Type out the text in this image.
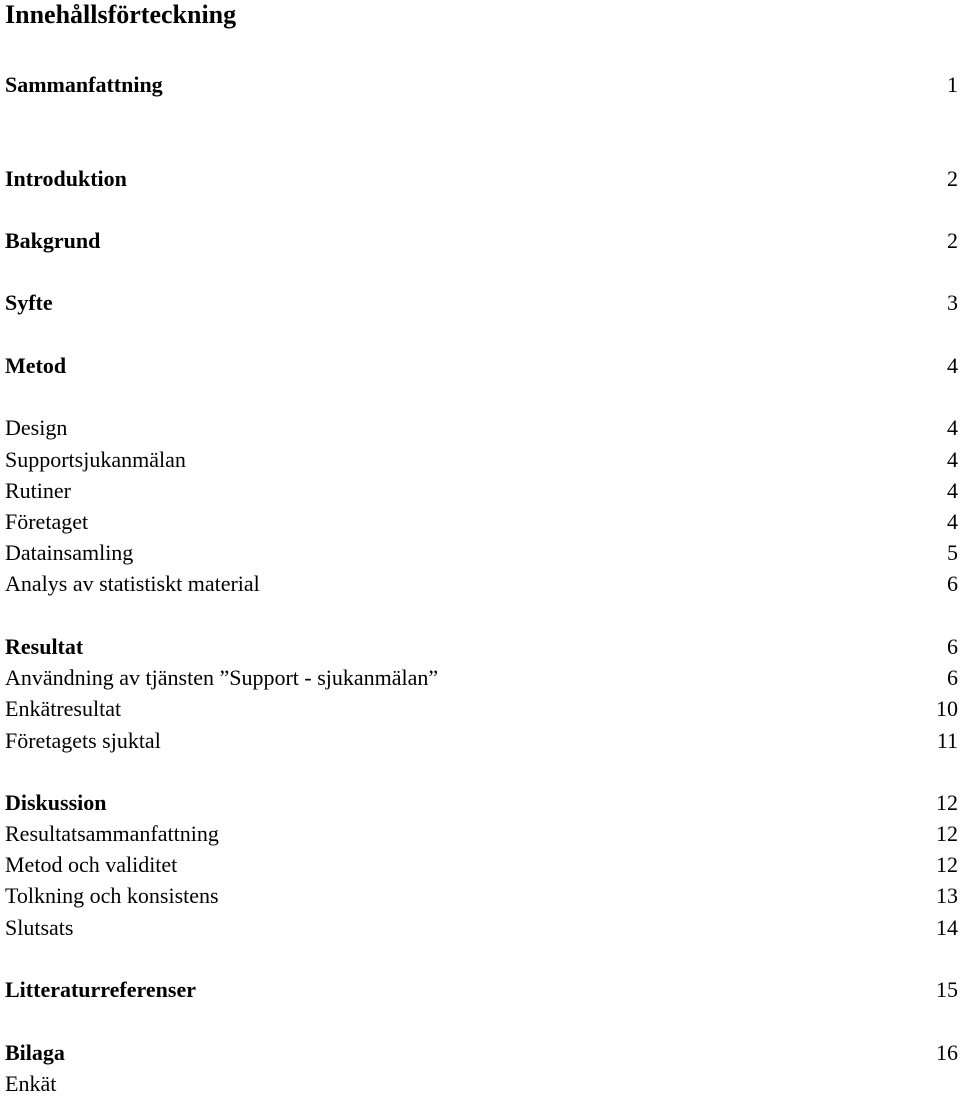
Innehållsförteckning
Sammanfattning	1
Introduktion	2
Bakgrund	2
Syfte	3
Metod	4
Design	4
Supportsjukanmälan	4
Rutiner	4
Företaget	4
Datainsamling	5
Analys av statistiskt material	6
Resultat	6
Användning av tjänsten ”Support - sjukanmälan”	6
Enkätresultat	10
Företagets sjuktal	11
Diskussion	12
Resultatsammanfattning	12
Metod och validitet	12
Tolkning och konsistens	13
Slutsats	14
Litteraturreferenser	15
Bilaga	16
Enkät
